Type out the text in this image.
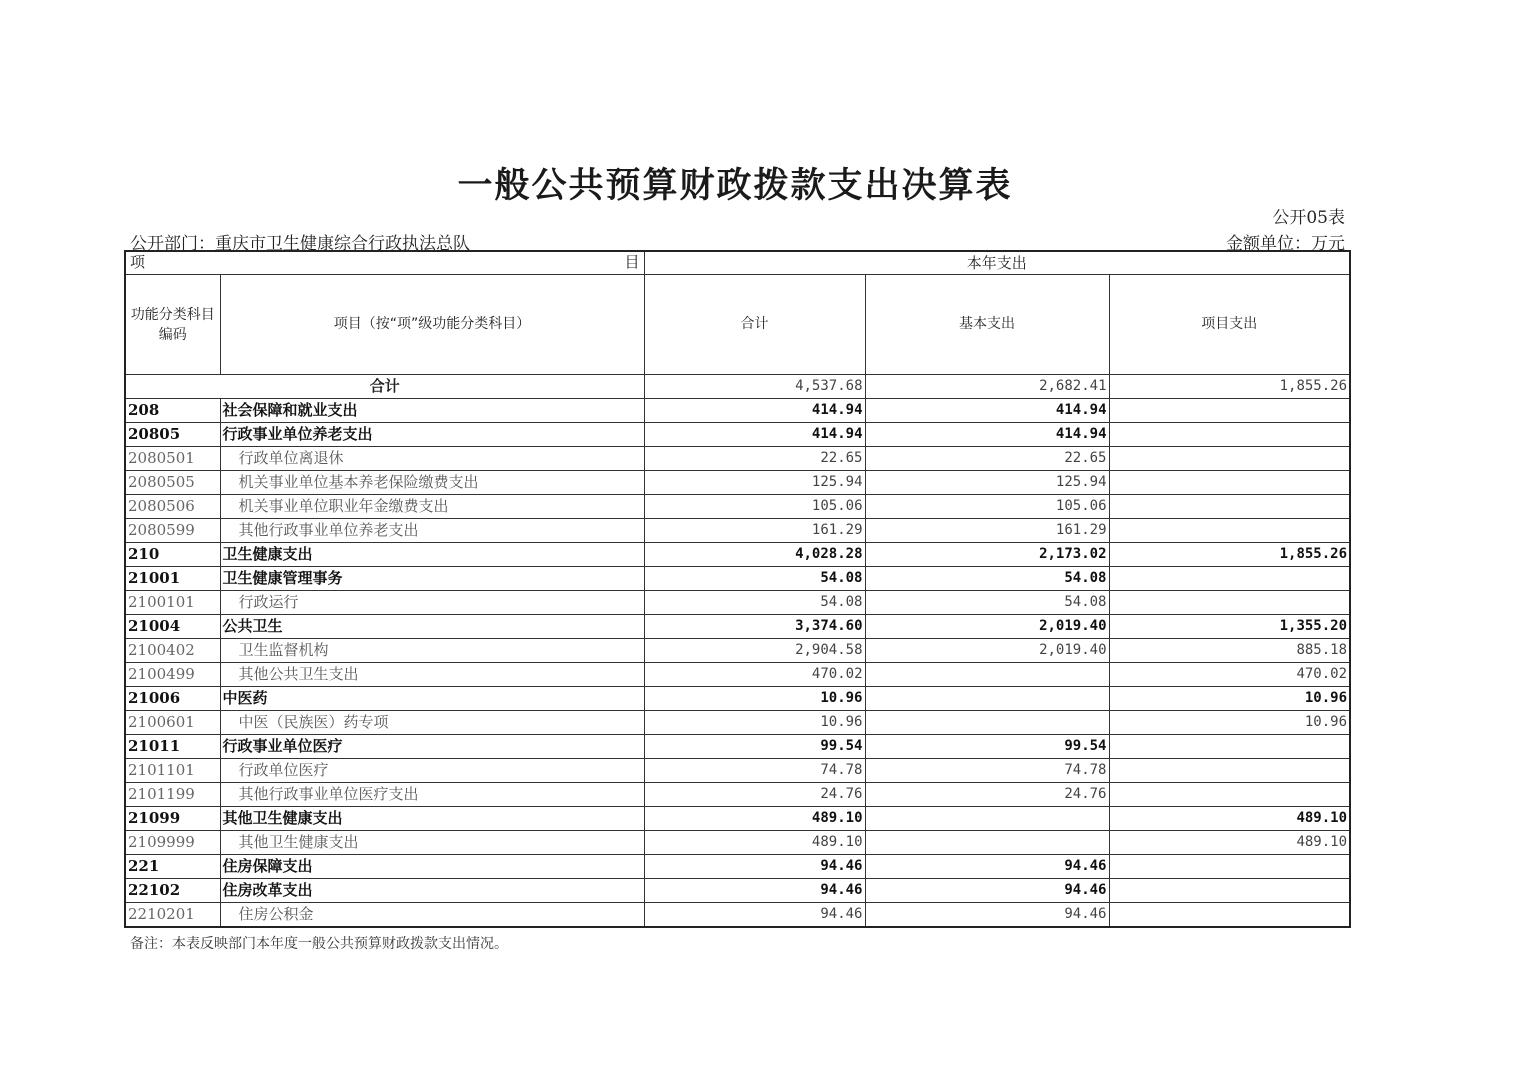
一般公共预算财政拨款支出决算表
公开05表
公开部门：重庆市卫生健康综合行政执法总队	金额单位：万元
项 目		本年支出		
功能分类科目编码	项目（按“项”级功能分类科目）	合计	基本支出	项目支出
合计		4,537.68	2,682.41	1,855.26
208	社会保障和就业支出	414.94	414.94	
20805	行政事业单位养老支出	414.94	414.94	
2080501	行政单位离退休	22.65	22.65	
2080505	机关事业单位基本养老保险缴费支出	125.94	125.94	
2080506	机关事业单位职业年金缴费支出	105.06	105.06	
2080599	其他行政事业单位养老支出	161.29	161.29	
210	卫生健康支出	4,028.28	2,173.02	1,855.26
21001	卫生健康管理事务	54.08	54.08	
2100101	行政运行	54.08	54.08	
21004	公共卫生	3,374.60	2,019.40	1,355.20
2100402	卫生监督机构	2,904.58	2,019.40	885.18
2100499	其他公共卫生支出	470.02		470.02
21006	中医药	10.96		10.96
2100601	中医（民族医）药专项	10.96		10.96
21011	行政事业单位医疗	99.54	99.54	
2101101	行政单位医疗	74.78	74.78	
2101199	其他行政事业单位医疗支出	24.76	24.76	
21099	其他卫生健康支出	489.10		489.10
2109999	其他卫生健康支出	489.10		489.10
221	住房保障支出	94.46	94.46	
22102	住房改革支出	94.46	94.46	
2210201	住房公积金	94.46	94.46	
备注：本表反映部门本年度一般公共预算财政拨款支出情况。
